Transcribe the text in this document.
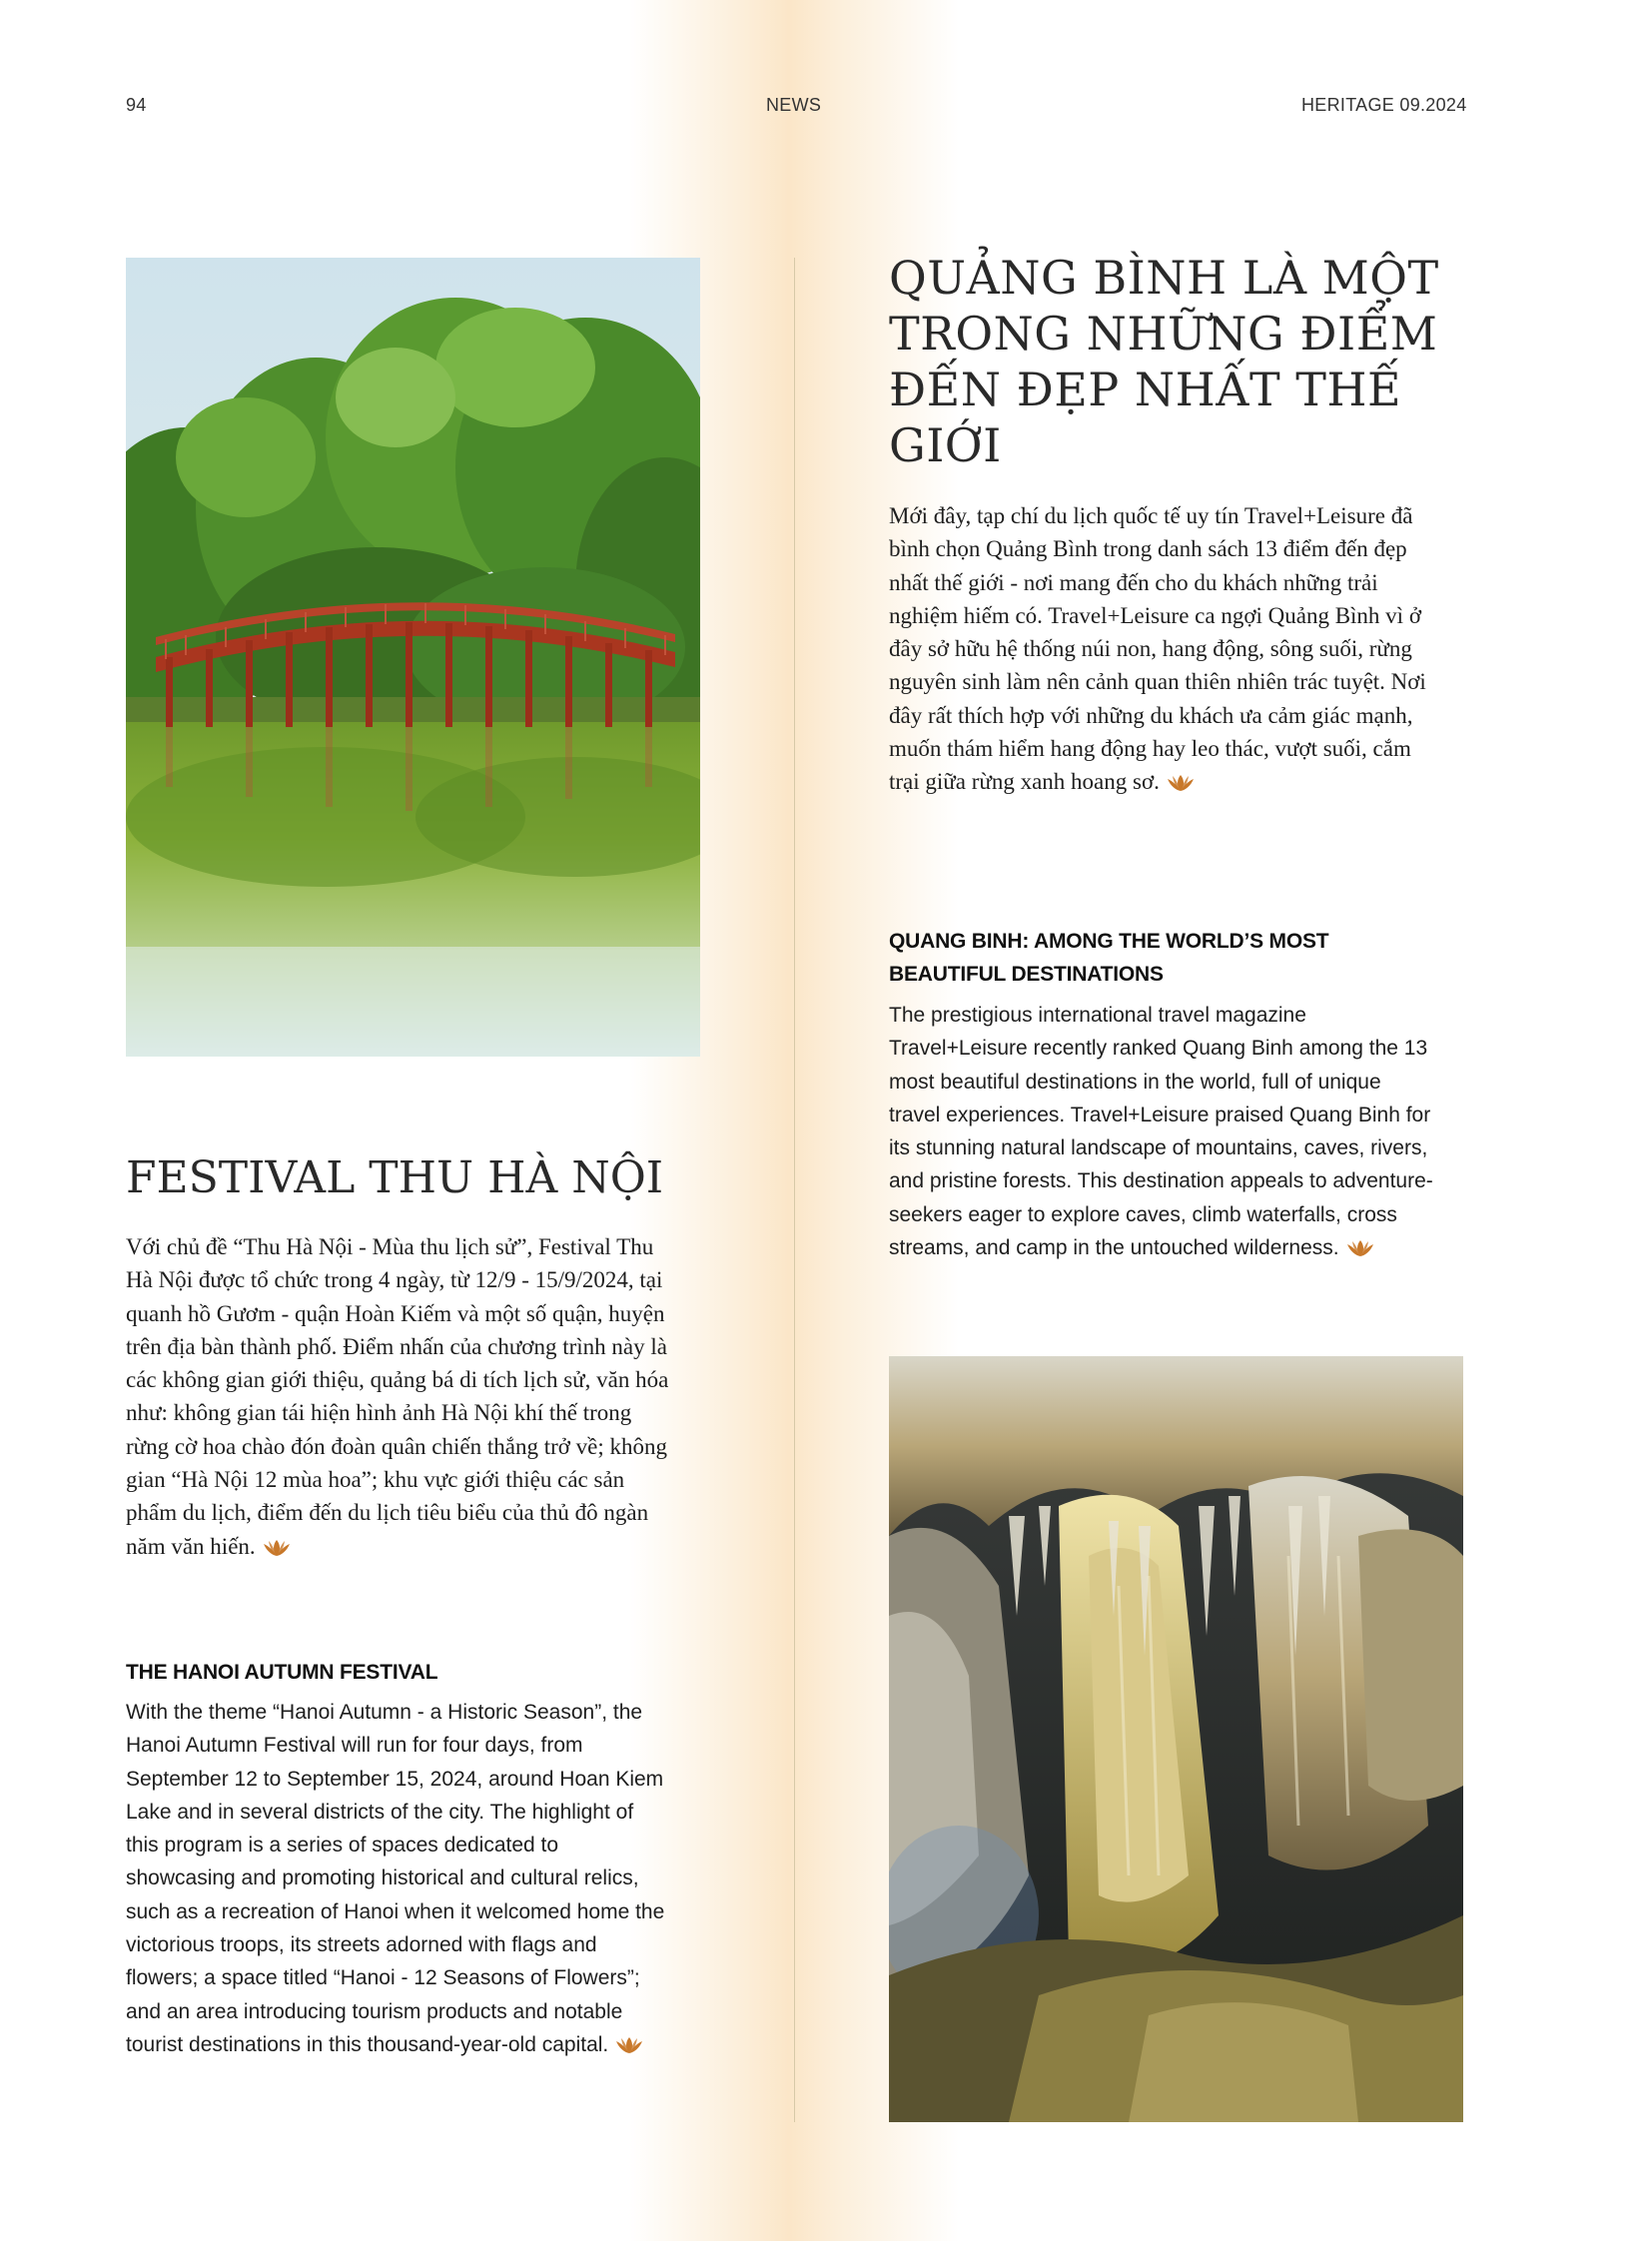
94	NEWS	HERITAGE 09.2024
QUẢNG BÌNH LÀ MỘT TRONG NHỮNG ĐIỂM ĐẾN ĐẸP NHẤT THẾ GIỚI

Mới đây, tạp chí du lịch quốc tế uy tín Travel+Leisure đã bình chọn Quảng Bình trong danh sách 13 điểm đến đẹp nhất thế giới - nơi mang đến cho du khách những trải nghiệm hiếm có. Travel+Leisure ca ngợi Quảng Bình vì ở đây sở hữu hệ thống núi non, hang động, sông suối, rừng nguyên sinh làm nên cảnh quan thiên nhiên trác tuyệt. Nơi đây rất thích hợp với những du khách ưa cảm giác mạnh, muốn thám hiểm hang động hay leo thác, vượt suối, cắm trại giữa rừng xanh hoang sơ.

QUANG BINH: AMONG THE WORLD’S MOST BEAUTIFUL DESTINATIONS

The prestigious international travel magazine Travel+Leisure recently ranked Quang Binh among the 13 most beautiful destinations in the world, full of unique travel experiences. Travel+Leisure praised Quang Binh for its stunning natural landscape of mountains, caves, rivers, and pristine forests. This destination appeals to adventure-seekers eager to explore caves, climb waterfalls, cross streams, and camp in the untouched wilderness.

FESTIVAL THU HÀ NỘI

Với chủ đề “Thu Hà Nội - Mùa thu lịch sử”, Festival Thu Hà Nội được tổ chức trong 4 ngày, từ 12/9 - 15/9/2024, tại quanh hồ Gươm - quận Hoàn Kiếm và một số quận, huyện trên địa bàn thành phố. Điểm nhấn của chương trình này là các không gian giới thiệu, quảng bá di tích lịch sử, văn hóa như: không gian tái hiện hình ảnh Hà Nội khí thế trong rừng cờ hoa chào đón đoàn quân chiến thắng trở về; không gian “Hà Nội 12 mùa hoa”; khu vực giới thiệu các sản phẩm du lịch, điểm đến du lịch tiêu biểu của thủ đô ngàn năm văn hiến.

THE HANOI AUTUMN FESTIVAL

With the theme “Hanoi Autumn - a Historic Season”, the Hanoi Autumn Festival will run for four days, from September 12 to September 15, 2024, around Hoan Kiem Lake and in several districts of the city. The highlight of this program is a series of spaces dedicated to showcasing and promoting historical and cultural relics, such as a recreation of Hanoi when it welcomed home the victorious troops, its streets adorned with flags and flowers; a space titled “Hanoi - 12 Seasons of Flowers”; and an area introducing tourism products and notable tourist destinations in this thousand-year-old capital.
